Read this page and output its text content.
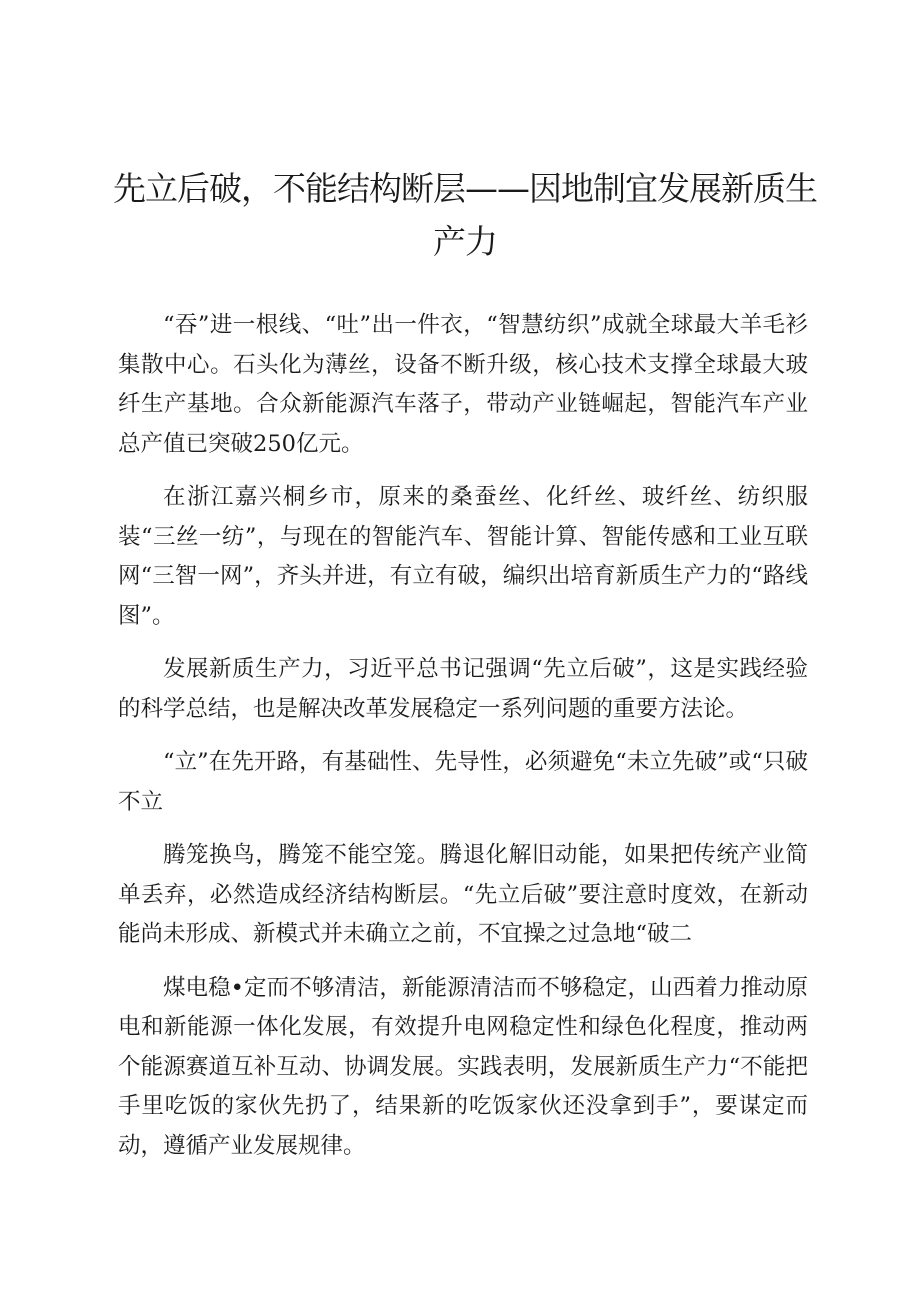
先立后破，不能结构断层——因地制宜发展新质生产力

“吞”进一根线、“吐”出一件衣，“智慧纺织”成就全球最大羊毛衫集散中心。石头化为薄丝，设备不断升级，核心技术支撑全球最大玻纤生产基地。合众新能源汽车落子，带动产业链崛起，智能汽车产业总产值已突破250亿元。

在浙江嘉兴桐乡市，原来的桑蚕丝、化纤丝、玻纤丝、纺织服装“三丝一纺”，与现在的智能汽车、智能计算、智能传感和工业互联网“三智一网”，齐头并进，有立有破，编织出培育新质生产力的“路线图”。

发展新质生产力，习近平总书记强调“先立后破”，这是实践经验的科学总结，也是解决改革发展稳定一系列问题的重要方法论。

“立”在先开路，有基础性、先导性，必须避免“未立先破”或“只破不立

腾笼换鸟，腾笼不能空笼。腾退化解旧动能，如果把传统产业简单丢弃，必然造成经济结构断层。“先立后破”要注意时度效，在新动能尚未形成、新模式并未确立之前，不宜操之过急地“破二

煤电稳•定而不够清洁，新能源清洁而不够稳定，山西着力推动原电和新能源一体化发展，有效提升电网稳定性和绿色化程度，推动两个能源赛道互补互动、协调发展。实践表明，发展新质生产力“不能把手里吃饭的家伙先扔了，结果新的吃饭家伙还没拿到手”，要谋定而动，遵循产业发展规律。
